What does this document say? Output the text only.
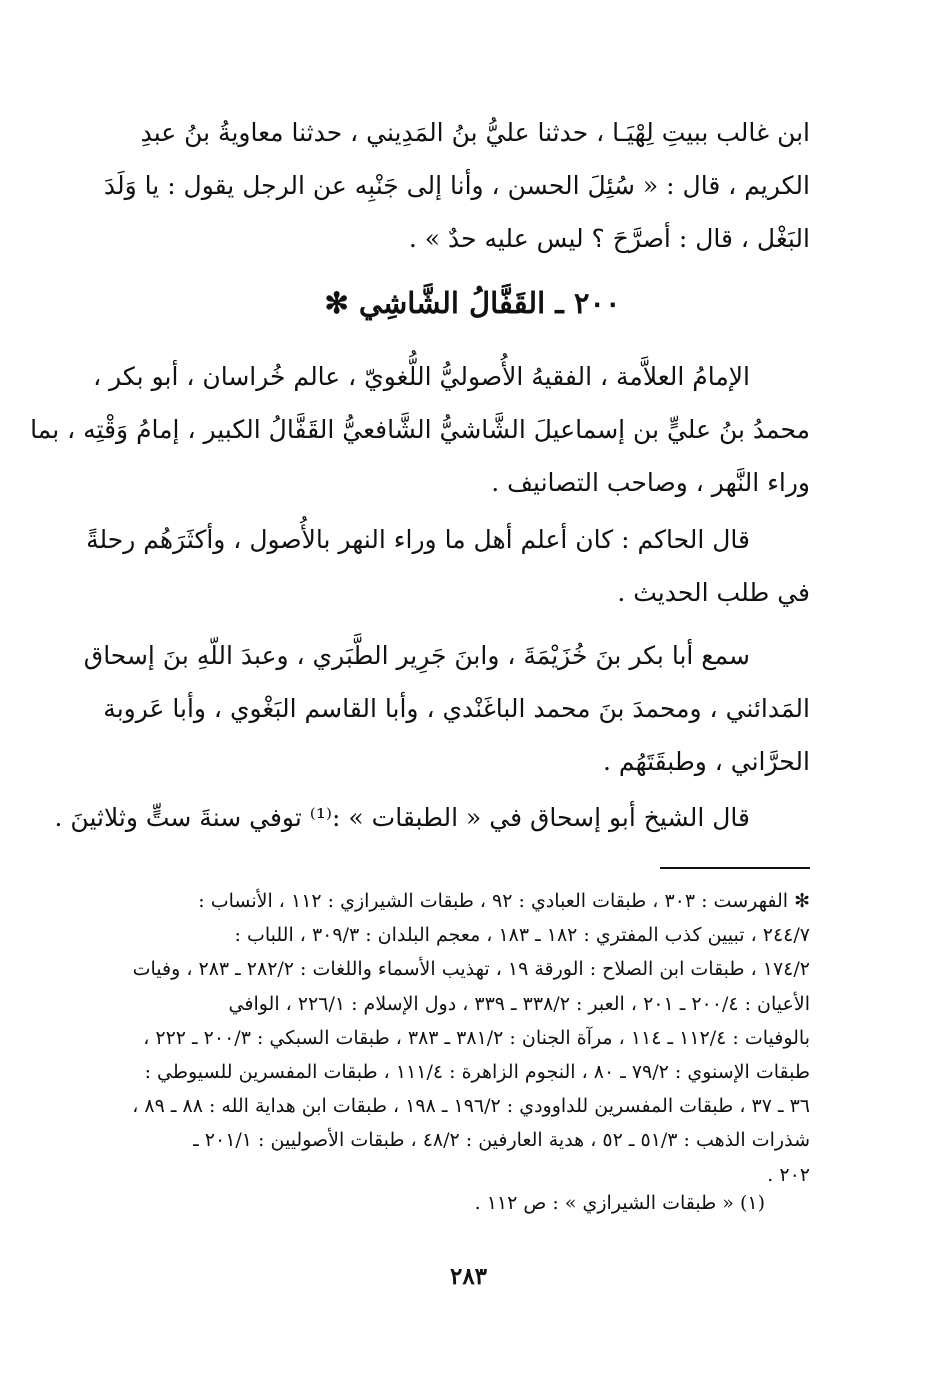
ابن غالب ببيتِ لِهْيَـا ، حدثنا عليُّ بنُ المَدِيني ، حدثنا معاويةُ بنُ عبدِ
الكريم ، قال : « سُئِلَ الحسن ، وأنا إلى جَنْبِه عن الرجل يقول : يا وَلَدَ
البَغْل ، قال : أصرَّحَ ؟ ليس عليه حدٌ » .
٢٠٠ ـ القَفَّالُ الشَّاشِي ✻
الإمامُ العلاَّمة ، الفقيهُ الأُصوليُّ اللُّغويّ ، عالم خُراسان ، أبو بكر ،
محمدُ بنُ عليٍّ بن إسماعيلَ الشَّاشيُّ الشَّافعيُّ القَفَّالُ الكبير ، إمامُ وَقْتِه ، بما
وراء النَّهر ، وصاحب التصانيف .
قال الحاكم : كان أعلم أهل ما وراء النهر بالأُصول ، وأكثَرَهُم رحلةً
في طلب الحديث .
سمع أبا بكر بنَ خُزَيْمَةَ ، وابنَ جَرِير الطَّبَري ، وعبدَ اللّهِ بنَ إسحاق
المَدائني ، ومحمدَ بنَ محمد الباغَنْدي ، وأبا القاسم البَغْوي ، وأبا عَروبة
الحرَّاني ، وطبقَتَهُم .
قال الشيخ أبو إسحاق في « الطبقات » :⁽¹⁾ توفي سنةَ ستٍّ وثلاثينَ .
✻ الفهرست : ٣٠٣ ، طبقات العبادي : ٩٢ ، طبقات الشيرازي : ١١٢ ، الأنساب :
٢٤٤/٧ ، تبيين كذب المفتري : ١٨٢ ـ ١٨٣ ، معجم البلدان : ٣٠٩/٣ ، اللباب :
١٧٤/٢ ، طبقات ابن الصلاح : الورقة ١٩ ، تهذيب الأسماء واللغات : ٢٨٢/٢ ـ ٢٨٣ ، وفيات
الأعيان : ٢٠٠/٤ ـ ٢٠١ ، العبر : ٣٣٨/٢ ـ ٣٣٩ ، دول الإسلام : ٢٢٦/١ ، الوافي
بالوفيات : ١١٢/٤ ـ ١١٤ ، مرآة الجنان : ٣٨١/٢ ـ ٣٨٣ ، طبقات السبكي : ٢٠٠/٣ ـ ٢٢٢ ،
طبقات الإسنوي : ٧٩/٢ ـ ٨٠ ، النجوم الزاهرة : ١١١/٤ ، طبقات المفسرين للسيوطي :
٣٦ ـ ٣٧ ، طبقات المفسرين للداوودي : ١٩٦/٢ ـ ١٩٨ ، طبقات ابن هداية الله : ٨٨ ـ ٨٩ ،
شذرات الذهب : ٥١/٣ ـ ٥٢ ، هدية العارفين : ٤٨/٢ ، طبقات الأصوليين : ٢٠١/١ ـ
٢٠٢ .
(١) « طبقات الشيرازي » : ص ١١٢ .
٢٨٣
